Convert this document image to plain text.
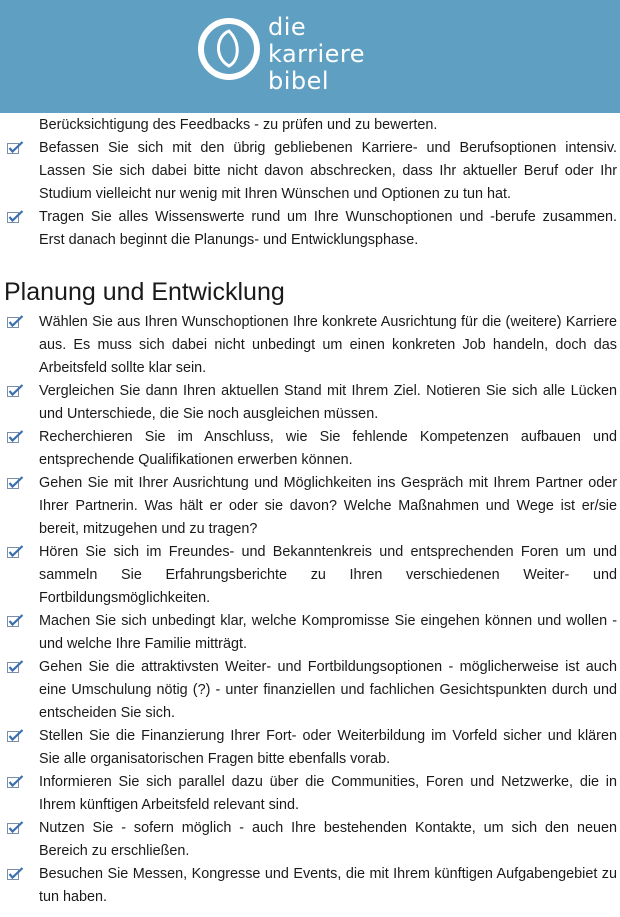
die
karriere
bibel
Berücksichtigung des Feedbacks - zu prüfen und zu bewerten.
Befassen Sie sich mit den übrig gebliebenen Karriere- und Berufsoptionen intensiv. Lassen Sie sich dabei bitte nicht davon abschrecken, dass Ihr aktueller Beruf oder Ihr Studium vielleicht nur wenig mit Ihren Wünschen und Optionen zu tun hat.
Tragen Sie alles Wissenswerte rund um Ihre Wunschoptionen und -berufe zusammen. Erst danach beginnt die Planungs- und Entwicklungsphase.
Planung und Entwicklung
Wählen Sie aus Ihren Wunschoptionen Ihre konkrete Ausrichtung für die (weitere) Karriere aus. Es muss sich dabei nicht unbedingt um einen konkreten Job handeln, doch das Arbeitsfeld sollte klar sein.
Vergleichen Sie dann Ihren aktuellen Stand mit Ihrem Ziel. Notieren Sie sich alle Lücken und Unterschiede, die Sie noch ausgleichen müssen.
Recherchieren Sie im Anschluss, wie Sie fehlende Kompetenzen aufbauen und entsprechende Qualifikationen erwerben können.
Gehen Sie mit Ihrer Ausrichtung und Möglichkeiten ins Gespräch mit Ihrem Partner oder Ihrer Partnerin. Was hält er oder sie davon? Welche Maßnahmen und Wege ist er/sie bereit, mitzugehen und zu tragen?
Hören Sie sich im Freundes- und Bekanntenkreis und entsprechenden Foren um und sammeln Sie Erfahrungsberichte zu Ihren verschiedenen Weiter- und Fortbildungsmöglichkeiten.
Machen Sie sich unbedingt klar, welche Kompromisse Sie eingehen können und wollen - und welche Ihre Familie mitträgt.
Gehen Sie die attraktivsten Weiter- und Fortbildungsoptionen - möglicherweise ist auch eine Umschulung nötig (?) - unter finanziellen und fachlichen Gesichtspunkten durch und entscheiden Sie sich.
Stellen Sie die Finanzierung Ihrer Fort- oder Weiterbildung im Vorfeld sicher und klären Sie alle organisatorischen Fragen bitte ebenfalls vorab.
Informieren Sie sich parallel dazu über die Communities, Foren und Netzwerke, die in Ihrem künftigen Arbeitsfeld relevant sind.
Nutzen Sie - sofern möglich - auch Ihre bestehenden Kontakte, um sich den neuen Bereich zu erschließen.
Besuchen Sie Messen, Kongresse und Events, die mit Ihrem künftigen Aufgabengebiet zu tun haben.
